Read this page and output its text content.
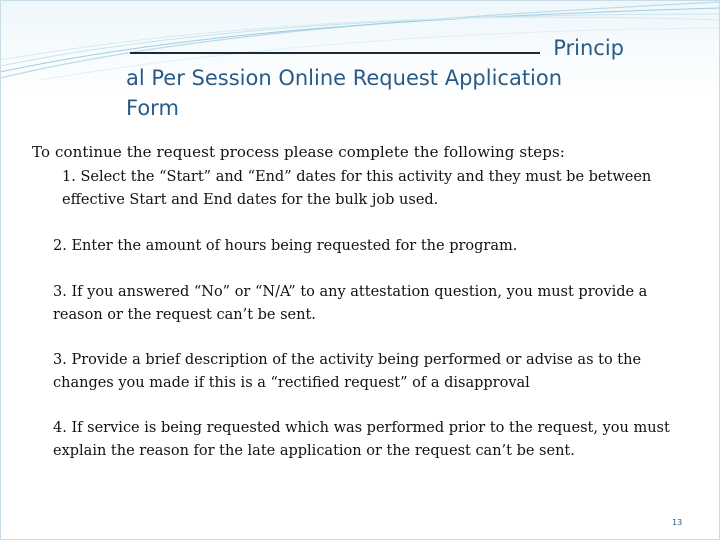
Princip
al Per Session Online Request Application
Form
To continue the request process please complete the following steps:
1. Select the “Start” and “End” dates for this activity and they must be between effective Start and End dates for the bulk job used.
2. Enter the amount of hours being requested for the program.
3. If you answered “No” or “N/A” to any attestation question, you must provide a reason or the request can’t be sent.
3. Provide a brief description of the activity being performed or advise as to the changes you made if this is a “rectified request” of a disapproval
4. If service is being requested which was performed prior to the request, you must explain the reason for the late application or the request can’t be sent.
13
